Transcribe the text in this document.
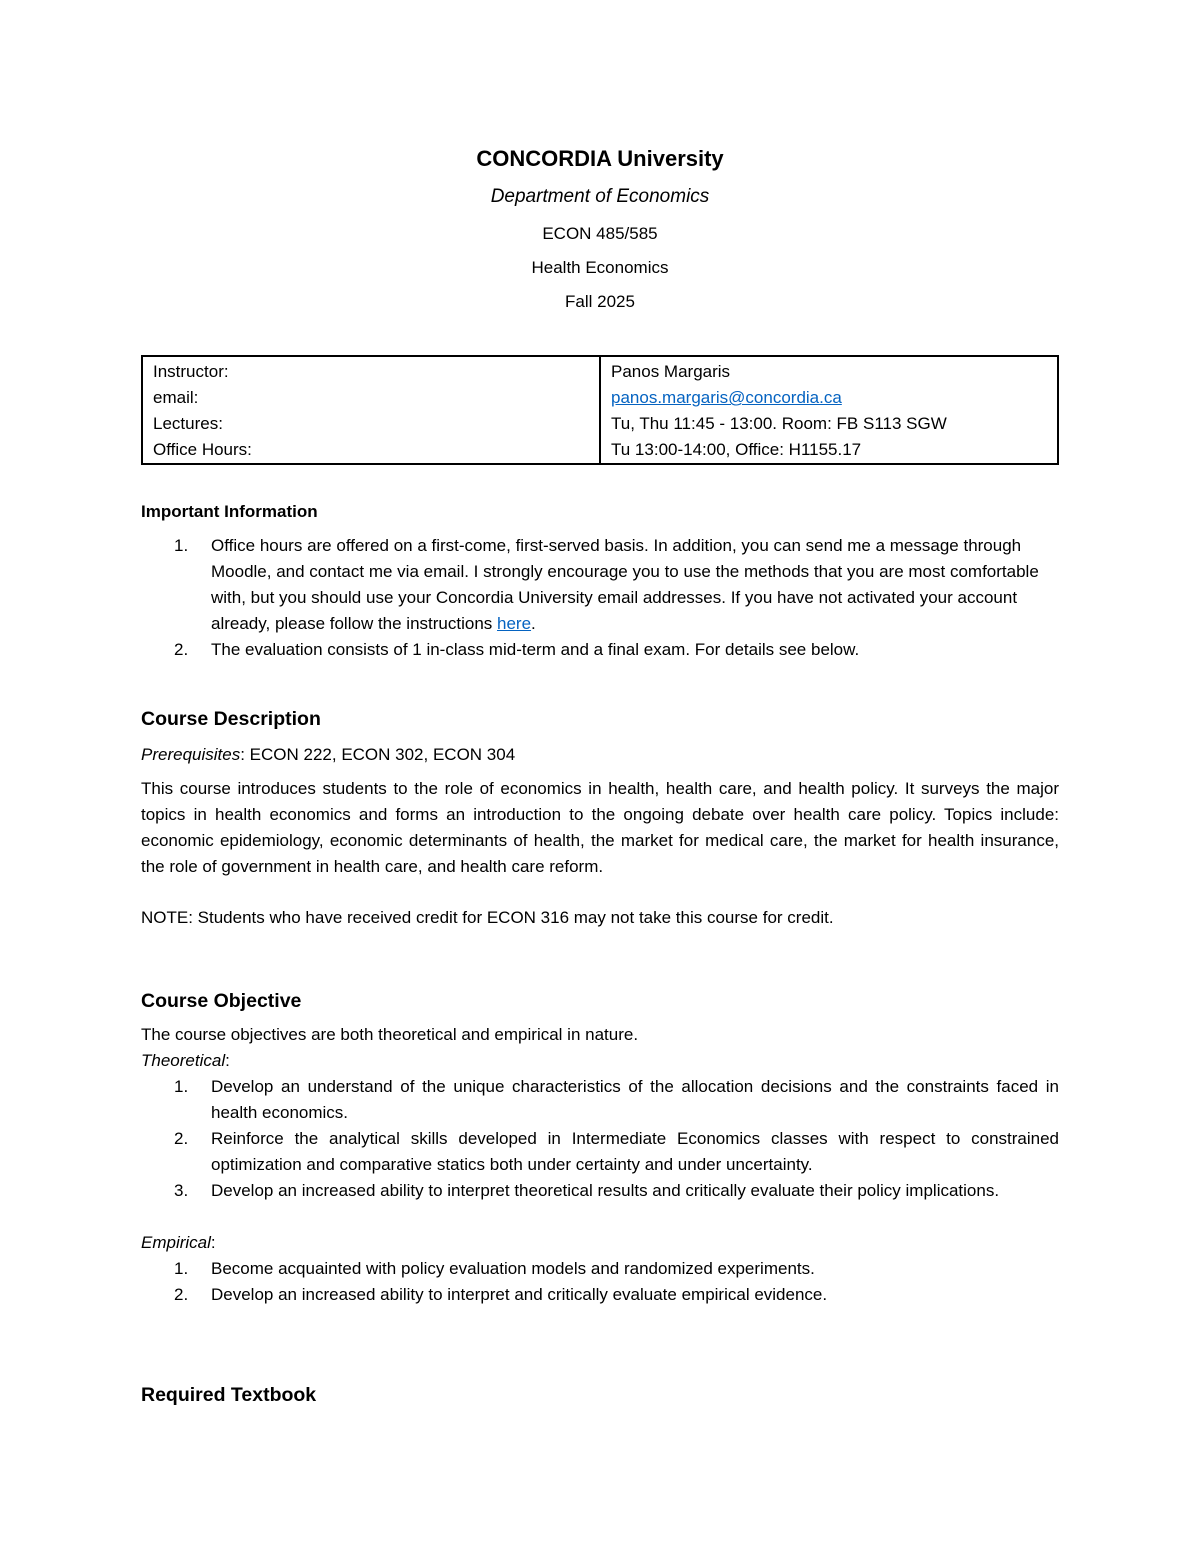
CONCORDIA University
Department of Economics
ECON 485/585
Health Economics
Fall 2025
Instructor:	Panos Margaris
email:	panos.margaris@concordia.ca
Lectures:	Tu, Thu 11:45 - 13:00. Room: FB S113 SGW
Office Hours:	Tu 13:00-14:00, Office: H1155.17
Important Information
1. Office hours are offered on a first-come, first-served basis. In addition, you can send me a message through Moodle, and contact me via email. I strongly encourage you to use the methods that you are most comfortable with, but you should use your Concordia University email addresses. If you have not activated your account already, please follow the instructions here.
2. The evaluation consists of 1 in-class mid-term and a final exam. For details see below.
Course Description
Prerequisites: ECON 222, ECON 302, ECON 304
This course introduces students to the role of economics in health, health care, and health policy. It surveys the major topics in health economics and forms an introduction to the ongoing debate over health care policy. Topics include: economic epidemiology, economic determinants of health, the market for medical care, the market for health insurance, the role of government in health care, and health care reform.
NOTE: Students who have received credit for ECON 316 may not take this course for credit.
Course Objective
The course objectives are both theoretical and empirical in nature.
Theoretical:
1. Develop an understand of the unique characteristics of the allocation decisions and the constraints faced in health economics.
2. Reinforce the analytical skills developed in Intermediate Economics classes with respect to constrained optimization and comparative statics both under certainty and under uncertainty.
3. Develop an increased ability to interpret theoretical results and critically evaluate their policy implications.
Empirical:
1. Become acquainted with policy evaluation models and randomized experiments.
2. Develop an increased ability to interpret and critically evaluate empirical evidence.
Required Textbook
